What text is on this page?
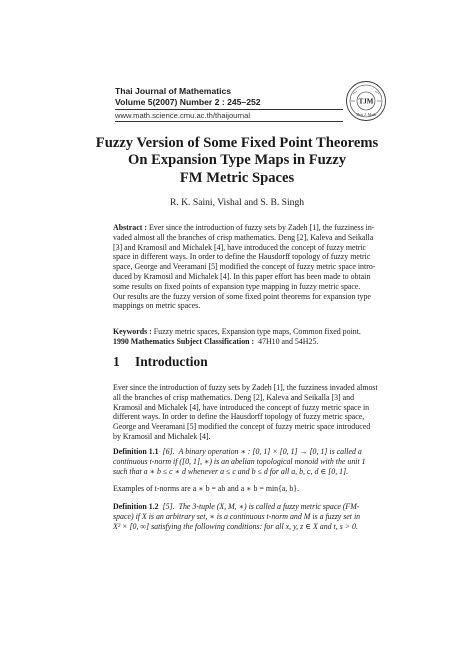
Thai Journal of Mathematics
Volume 5(2007) Number 2 : 245–252
www.math.science.cmu.ac.th/thaijournal
TJM
Thai J. Math
Fuzzy Version of Some Fixed Point Theorems
On Expansion Type Maps in Fuzzy
FM Metric Spaces
R. K. Saini, Vishal and S. B. Singh
Abstract : Ever since the introduction of fuzzy sets by Zadeh [1], the fuzziness in-
vaded almost all the branches of crisp mathematics. Deng [2], Kaleva and Seikalla
[3] and Kramosil and Michalek [4], have introduced the concept of fuzzy metric
space in different ways. In order to define the Hausdorff topology of fuzzy metric
space, George and Veeramani [5] modified the concept of fuzzy metric space intro-
duced by Kramosil and Michalek [4]. In this paper effort has been made to obtain
some results on fixed points of expansion type mapping in fuzzy metric space.
Our results are the fuzzy version of some fixed point theorems for expansion type
mappings on metric spaces.
Keywords : Fuzzy metric spaces, Expansion type maps, Common fixed point.
1990 Mathematics Subject Classification : 47H10 and 54H25.
1 Introduction
Ever since the introduction of fuzzy sets by Zadeh [1], the fuzziness invaded almost
all the branches of crisp mathematics. Deng [2], Kaleva and Seikalla [3] and
Kramosil and Michalek [4], have introduced the concept of fuzzy metric space in
different ways. In order to define the Hausdorff topology of fuzzy metric space,
George and Veeramani [5] modified the concept of fuzzy metric space introduced
by Kramosil and Michalek [4].
Definition 1.1 [6]. A binary operation ∗ : [0, 1] × [0, 1] → [0, 1] is called a
continuous t-norm if ([0, 1], ∗) is an abelian topological monoid with the unit 1
such that a ∗ b ≤ c ∗ d whenever a ≤ c and b ≤ d for all a, b, c, d ∈ [0, 1].
Examples of t-norms are a ∗ b = ab and a ∗ b = min{a, b}.
Definition 1.2 [5]. The 3-tuple (X, M, ∗) is called a fuzzy metric space (FM-
space) if X is an arbitrary set, ∗ is a continuous t-norm and M is a fuzzy set in
X² × [0, ∞] satisfying the following conditions: for all x, y, z ∈ X and t, s > 0.
